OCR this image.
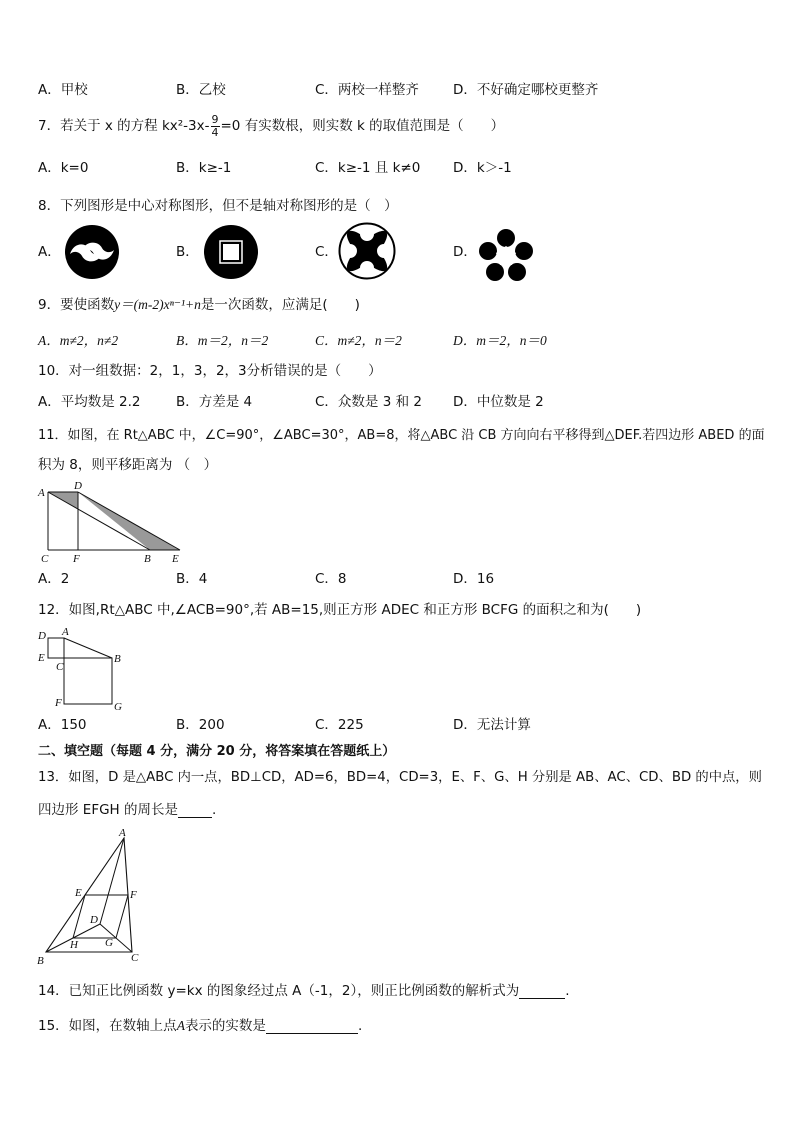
A．甲校	B．乙校	C．两校一样整齐	D．不好确定哪校更整齐
7．若关于 x 的方程 $kx^2-3x- \frac{9}{4} =0$ 有实数根，则实数 k 的取值范围是（　　）
A．k=0	B．k≥-1	C．k≥-1 且 k≠0 D．k＞-1
8．下列图形是中心对称图形，但不是轴对称图形的是（　）
A．	B．	C．	D．
9．要使函数y＝(m-2)xⁿ⁻¹+n是一次函数，应满足(　　)
A．m≠2，n≠2	B．m＝2，n＝2	C．m≠2，n＝2	D．m＝2，n＝0
10．对一组数据：2，1，3，2，3分析错误的是（　　）
A．平均数是 2.2	B．方差是 4	C．众数是 3 和 2 D．中位数是 2
11．如图，在 Rt△ABC 中，∠C=90°，∠ABC=30°，AB=8，将△ABC 沿 CB 方向向右平移得到△DEF.若四边形 ABED 的面
积为 8，则平移距离为 （　）
A
D
C F	B E
A．2	B．4	C．8	D．16
12．如图,Rt△ABC 中,∠ACB=90°,若 AB=15,则正方形 ADEC 和正方形 BCFG 的面积之和为(　　)
D A
E
C
B
F	G
A．150	B．200	C．225	D．无法计算
二、填空题（每题 4 分，满分 20 分，将答案填在答题纸上）
13．如图，D 是△ABC 内一点，BD⊥CD，AD=6，BD=4，CD=3，E、F、G、H 分别是 AB、AC、CD、BD 的中点，则
四边形 EFGH 的周长是	.
A
E	F
D
H G
B	C
14．已知正比例函数 y=kx 的图象经过点 A（-1，2），则正比例函数的解析式为	.
15．如图，在数轴上点A表示的实数是	.
